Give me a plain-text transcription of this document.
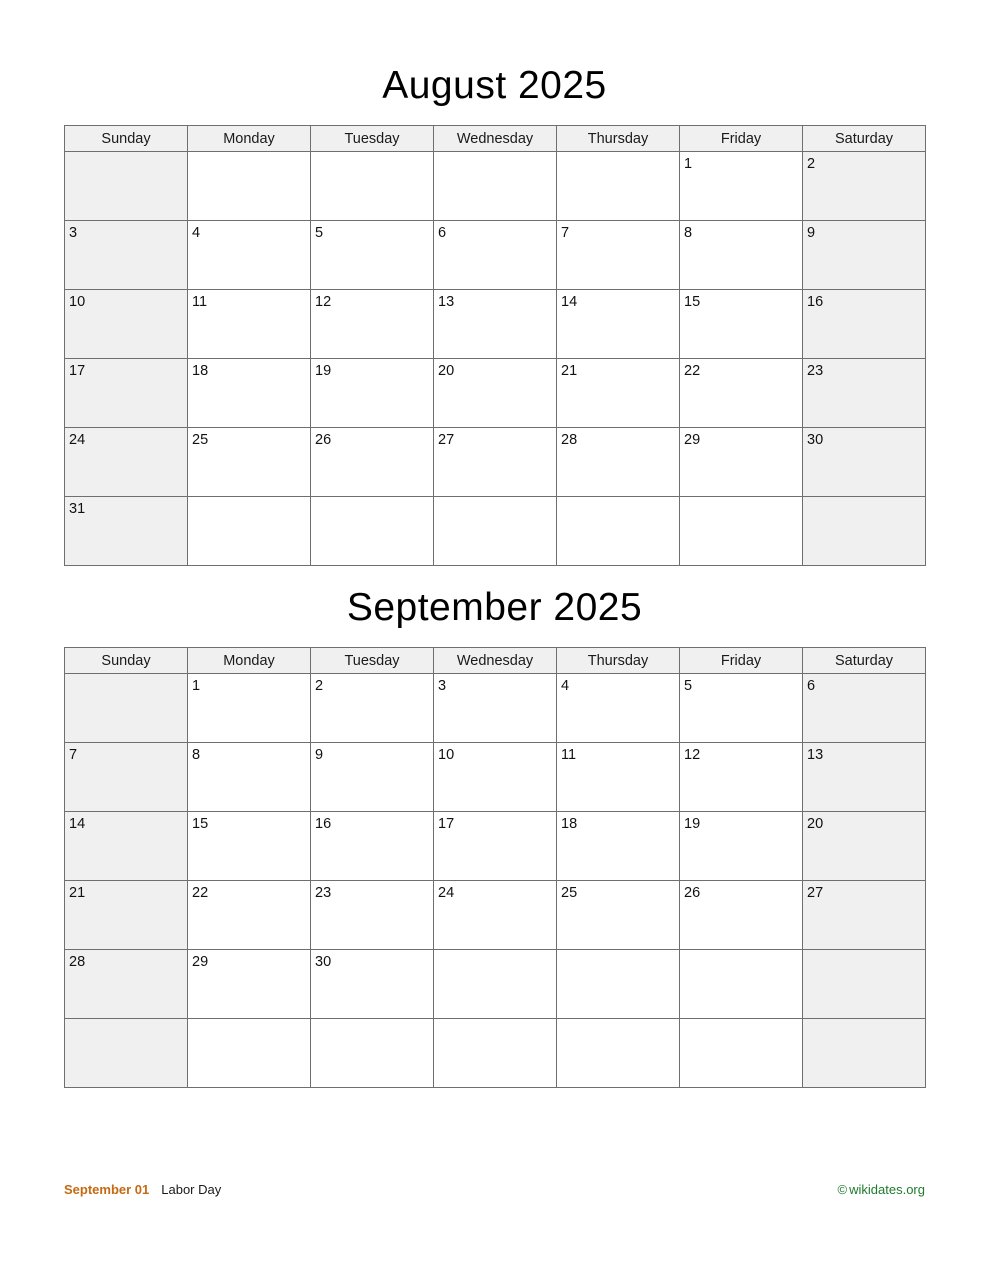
August 2025
Sunday	Monday	Tuesday	Wednesday	Thursday	Friday	Saturday

					1	2

3	4	5	6	7	8	9

10	11	12	13	14	15	16

17	18	19	20	21	22	23

24	25	26	27	28	29	30

31						

September 2025
Sunday	Monday	Tuesday	Wednesday	Thursday	Friday	Saturday

	1	2	3	4	5	6

7	8	9	10	11	12	13

14	15	16	17	18	19	20

21	22	23	24	25	26	27

28	29	30				

September 01 Labor Day	© wikidates.org
